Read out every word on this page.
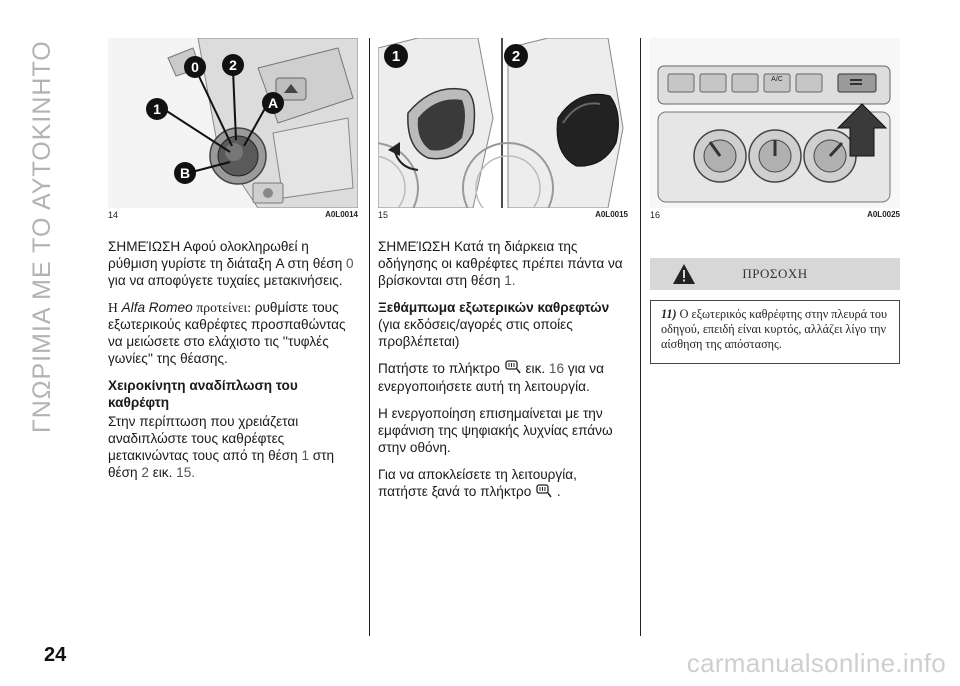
ΓΝΩΡΙΜΙΑ ΜΕ ΤΟ ΑΥΤΟΚΙΝΗΤΟ	0	2
1	A
B
14	A0L0014
1	2
15	A0L0015
A/C
16	A0L0025

ΣΗΜΕΊΩΣΗ Αφού ολοκληρωθεί η ρύθμιση γυρίστε τη διάταξη A στη θέση 0 για να αποφύγετε τυχαίες μετακινήσεις.

Η Alfa Romeo προτείνει: ρυθμίστε τους εξωτερικούς καθρέφτες προσπαθώντας να μειώσετε στο ελάχιστο τις ''τυφλές γωνίες'' της θέασης.

Χειροκίνητη αναδίπλωση του καθρέφτη

Στην περίπτωση που χρειάζεται αναδιπλώστε τους καθρέφτες μετακινώντας τους από τη θέση 1 στη θέση 2 εικ. 15.

ΣΗΜΕΊΩΣΗ Κατά τη διάρκεια της οδήγησης οι καθρέφτες πρέπει πάντα να βρίσκονται στη θέση 1.

Ξεθάμπωμα εξωτερικών καθρεφτών

(για εκδόσεις/αγορές στις οποίες προβλέπεται)

Πατήστε το πλήκτρο εικ. 16 για να ενεργοποιήσετε αυτή τη λειτουργία.

Η ενεργοποίηση επισημαίνεται με την εμφάνιση της ψηφιακής λυχνίας επάνω στην οθόνη.

Για να αποκλείσετε τη λειτουργία, πατήστε ξανά το πλήκτρο .

ΠΡΟΣΟΧΗ
11) Ο εξωτερικός καθρέφτης στην πλευρά του οδηγού, επειδή είναι κυρτός, αλλάζει λίγο την αίσθηση της απόστασης.
24	carmanualsonline.info
